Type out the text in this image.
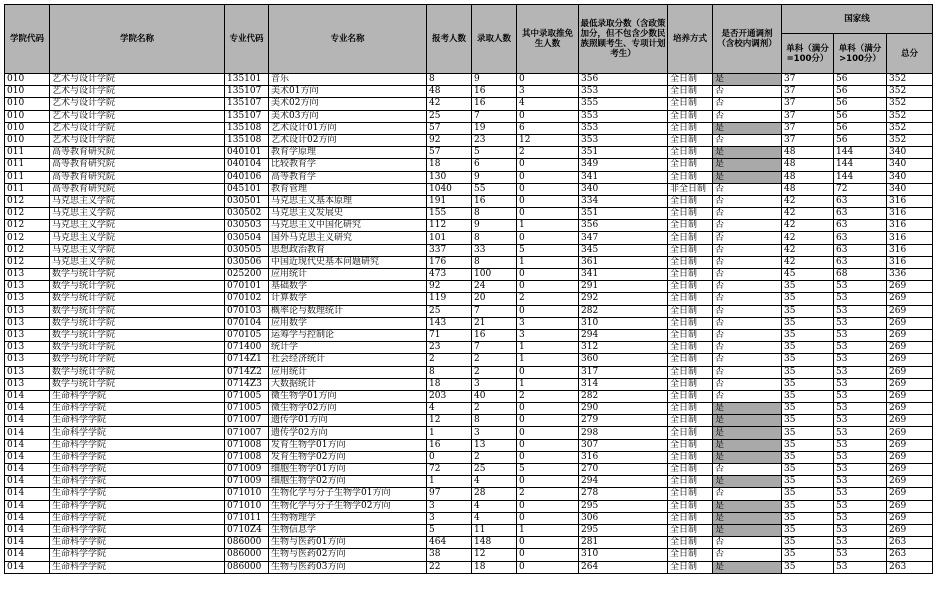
学院代码	学院名称	专业代码	专业名称	报考人数	录取人数	其中录取推免生人数	最低录取分数（含政策加分，但不包含少数民族照顾考生、专项计划考生）	培养方式	是否开通调剂（含校内调剂）	国家线		
										单科（满分=100分）	单科（满分>100分）	总分
010	艺术与设计学院	135101	音乐	8	9	0	356	全日制	是	37	56	352
010	艺术与设计学院	135107	美术01方向	48	16	3	353	全日制	否	37	56	352
010	艺术与设计学院	135107	美术02方向	42	16	4	355	全日制	否	37	56	352
010	艺术与设计学院	135107	美术03方向	25	7	0	353	全日制	否	37	56	352
010	艺术与设计学院	135108	艺术设计01方向	57	19	6	353	全日制	是	37	56	352
010	艺术与设计学院	135108	艺术设计02方向	92	23	12	353	全日制	否	37	56	352
011	高等教育研究院	040101	教育学原理	57	5	2	351	全日制	是	48	144	340
011	高等教育研究院	040104	比较教育学	18	6	0	349	全日制	是	48	144	340
011	高等教育研究院	040106	高等教育学	130	9	0	341	全日制	是	48	144	340
011	高等教育研究院	045101	教育管理	1040	55	0	340	非全日制	否	48	72	340
012	马克思主义学院	030501	马克思主义基本原理	191	16	0	334	全日制	否	42	63	316
012	马克思主义学院	030502	马克思主义发展史	155	8	0	351	全日制	否	42	63	316
012	马克思主义学院	030503	马克思主义中国化研究	112	9	1	356	全日制	否	42	63	316
012	马克思主义学院	030504	国外马克思主义研究	101	8	0	347	全日制	否	42	63	316
012	马克思主义学院	030505	思想政治教育	337	33	5	345	全日制	否	42	63	316
012	马克思主义学院	030506	中国近现代史基本问题研究	176	8	1	361	全日制	否	42	63	316
013	数学与统计学院	025200	应用统计	473	100	0	341	全日制	否	45	68	336
013	数学与统计学院	070101	基础数学	92	24	0	291	全日制	否	35	53	269
013	数学与统计学院	070102	计算数学	119	20	2	292	全日制	否	35	53	269
013	数学与统计学院	070103	概率论与数理统计	25	7	0	282	全日制	否	35	53	269
013	数学与统计学院	070104	应用数学	143	21	3	310	全日制	否	35	53	269
013	数学与统计学院	070105	运筹学与控制论	71	16	3	294	全日制	否	35	53	269
013	数学与统计学院	071400	统计学	23	7	1	312	全日制	否	35	53	269
013	数学与统计学院	0714Z1	社会经济统计	2	2	1	360	全日制	否	35	53	269
013	数学与统计学院	0714Z2	应用统计	8	2	0	317	全日制	否	35	53	269
013	数学与统计学院	0714Z3	大数据统计	18	3	1	314	全日制	否	35	53	269
014	生命科学学院	071005	微生物学01方向	203	40	2	282	全日制	否	35	53	269
014	生命科学学院	071005	微生物学02方向	4	2	0	290	全日制	是	35	53	269
014	生命科学学院	071007	遗传学01方向	12	8	0	279	全日制	是	35	53	269
014	生命科学学院	071007	遗传学02方向	1	3	0	298	全日制	是	35	53	269
014	生命科学学院	071008	发育生物学01方向	16	13	0	307	全日制	是	35	53	269
014	生命科学学院	071008	发育生物学02方向	0	2	0	316	全日制	是	35	53	269
014	生命科学学院	071009	细胞生物学01方向	72	25	5	270	全日制	否	35	53	269
014	生命科学学院	071009	细胞生物学02方向	1	4	0	294	全日制	是	35	53	269
014	生命科学学院	071010	生物化学与分子生物学01方向	97	28	2	278	全日制	否	35	53	269
014	生命科学学院	071010	生物化学与分子生物学02方向	3	4	0	295	全日制	是	35	53	269
014	生命科学学院	071011	生物物理学	3	4	0	306	全日制	是	35	53	269
014	生命科学学院	0710Z4	生物信息学	5	11	1	295	全日制	是	35	53	269
014	生命科学学院	086000	生物与医药01方向	464	148	0	281	全日制	否	35	53	263
014	生命科学学院	086000	生物与医药02方向	38	12	0	310	全日制	否	35	53	263
014	生命科学学院	086000	生物与医药03方向	22	18	0	264	全日制	是	35	53	263
